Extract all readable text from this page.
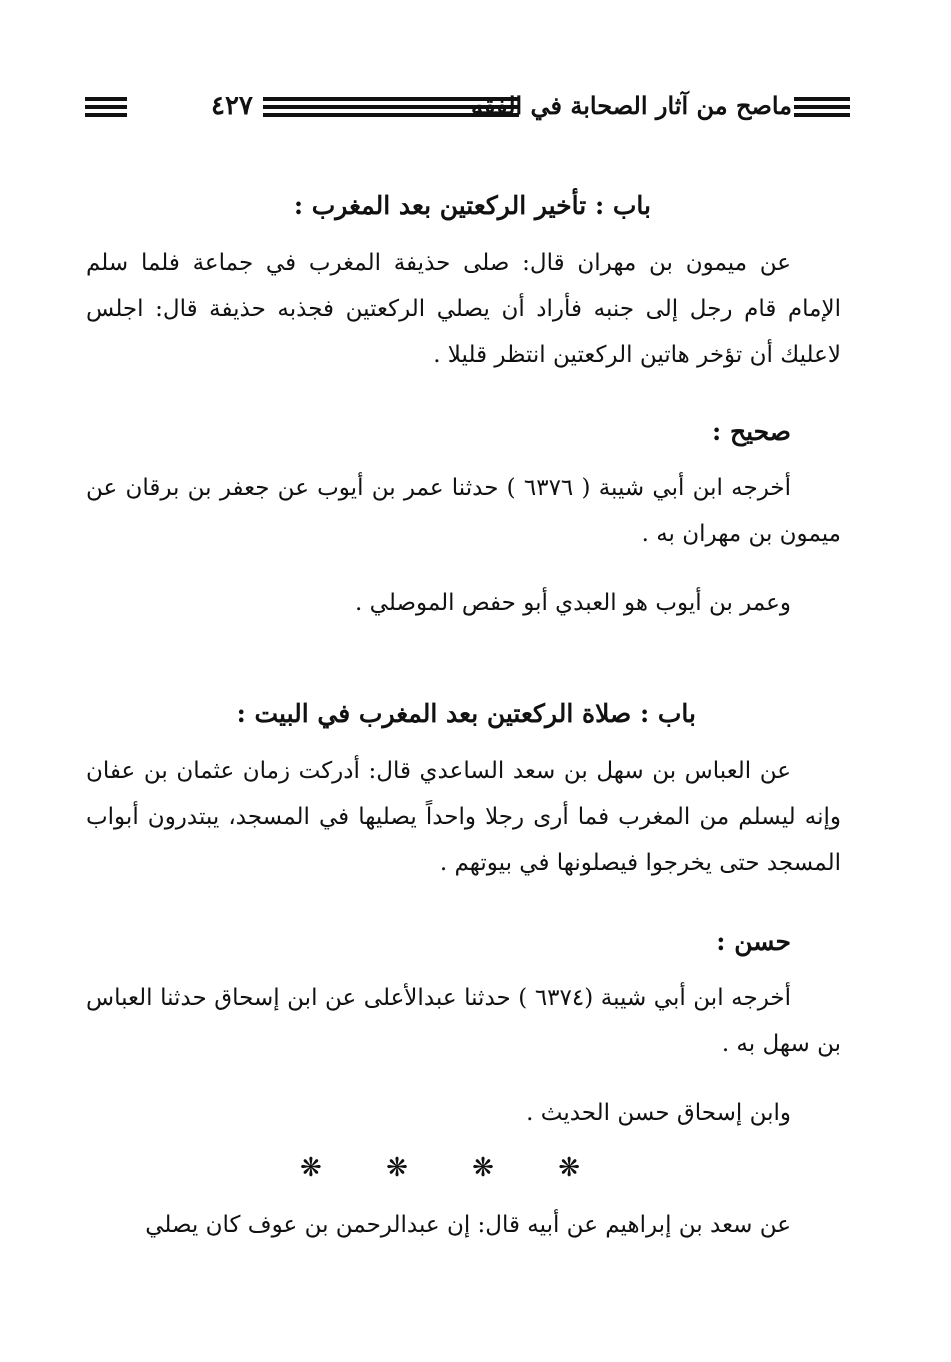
٤٢٧	ماصح من آثار الصحابة في الفقه
باب : تأخير الركعتين بعد المغرب :
عن ميمون بن مهران قال: صلى حذيفة المغرب في جماعة فلما سلم الإمام قام رجل إلى جنبه فأراد أن يصلي الركعتين فجذبه حذيفة قال: اجلس لاعليك أن تؤخر هاتين الركعتين انتظر قليلا .
صحيح :
أخرجه ابن أبي شيبة ( ٦٣٧٦ ) حدثنا عمر بن أيوب عن جعفر بن برقان عن ميمون بن مهران به .
وعمر بن أيوب هو العبدي أبو حفص الموصلي .
باب : صلاة الركعتين بعد المغرب في البيت :
عن العباس بن سهل بن سعد الساعدي قال: أدركت زمان عثمان بن عفان وإنه ليسلم من المغرب فما أرى رجلا واحداً يصليها في المسجد، يبتدرون أبواب المسجد حتى يخرجوا فيصلونها في بيوتهم .
حسن :
أخرجه ابن أبي شيبة (٦٣٧٤ ) حدثنا عبدالأعلى عن ابن إسحاق حدثنا العباس بن سهل به .
وابن إسحاق حسن الحديث .
❋ ❋ ❋ ❋
عن سعد بن إبراهيم عن أبيه قال: إن عبدالرحمن بن عوف كان يصلي
